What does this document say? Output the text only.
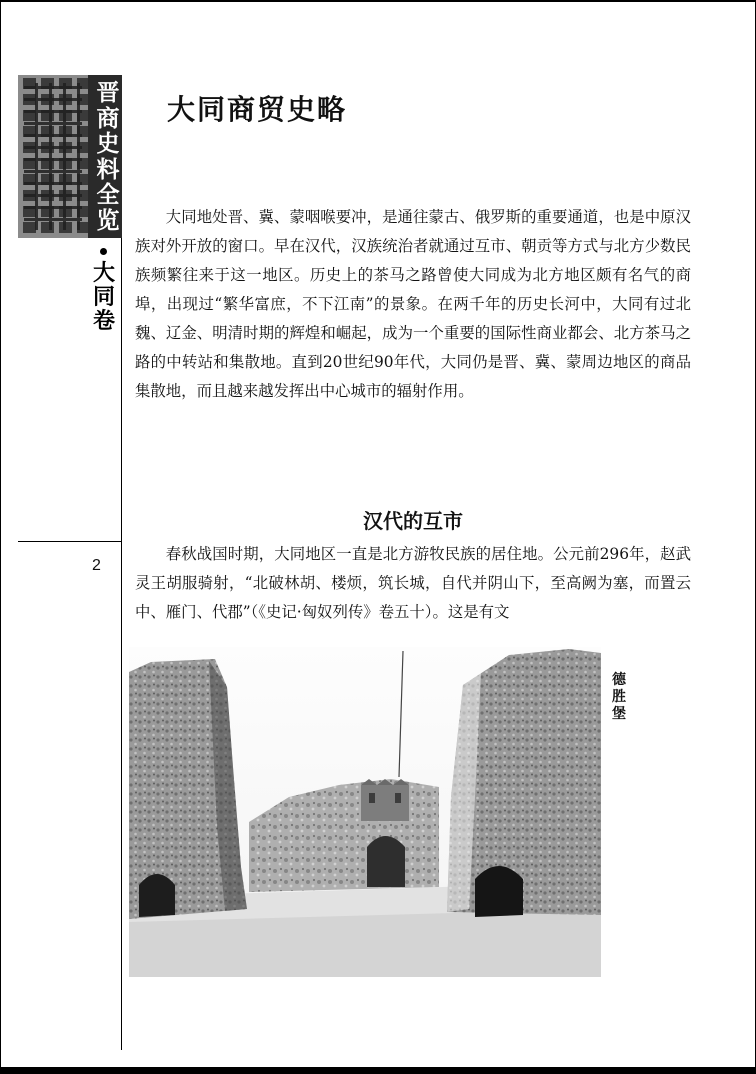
晋商史料全览
大同卷
2
大同商贸史略

大同地处晋、冀、蒙咽喉要冲，是通往蒙古、俄罗斯的重要通道，也是中原汉族对外开放的窗口。早在汉代，汉族统治者就通过互市、朝贡等方式与北方少数民族频繁往来于这一地区。历史上的茶马之路曾使大同成为北方地区颇有名气的商埠，出现过“繁华富庶，不下江南”的景象。在两千年的历史长河中，大同有过北魏、辽金、明清时期的辉煌和崛起，成为一个重要的国际性商业都会、北方茶马之路的中转站和集散地。直到20世纪90年代，大同仍是晋、冀、蒙周边地区的商品集散地，而且越来越发挥出中心城市的辐射作用。

汉代的互市

春秋战国时期，大同地区一直是北方游牧民族的居住地。公元前296年，赵武灵王胡服骑射，“北破林胡、楼烦，筑长城，自代并阴山下，至高阙为塞，而置云中、雁门、代郡”（《史记·匈奴列传》卷五十）。这是有文

德胜堡
